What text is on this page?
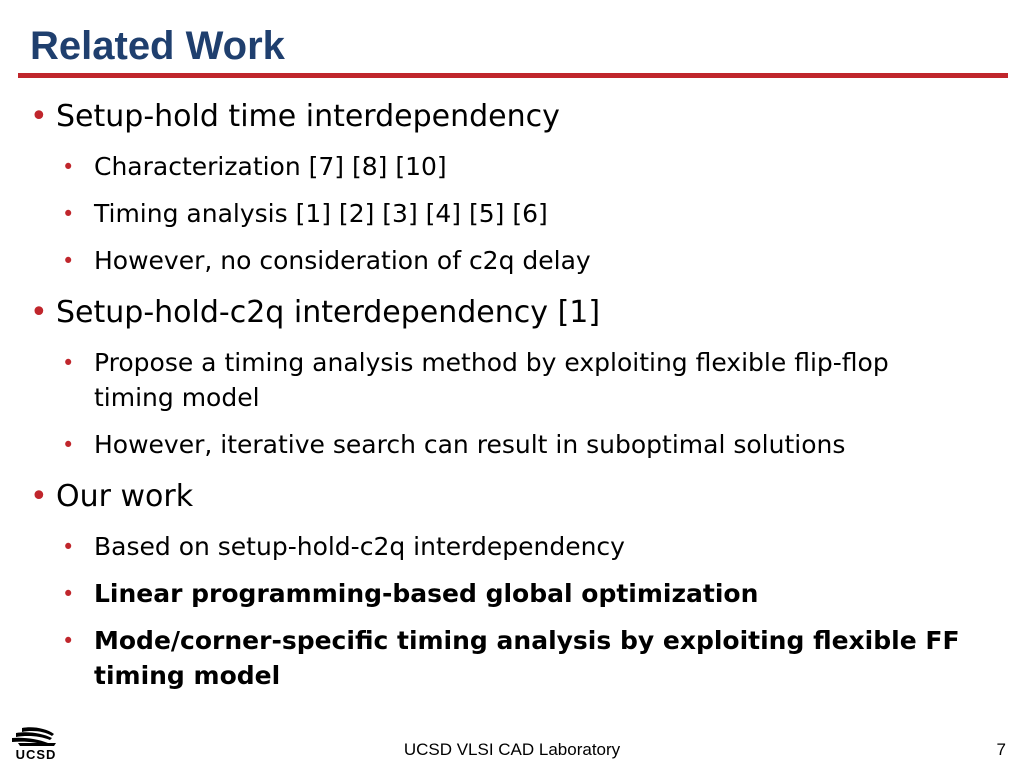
Related Work
• Setup-hold time interdependency
• Characterization [7] [8] [10]
• Timing analysis [1] [2] [3] [4] [5] [6]
• However, no consideration of c2q delay
• Setup-hold-c2q interdependency [1]
• Propose a timing analysis method by exploiting flexible flip-flop
timing model
• However, iterative search can result in suboptimal solutions
• Our work
• Based on setup-hold-c2q interdependency
• Linear programming-based global optimization
• Mode/corner-specific timing analysis by exploiting flexible FF
timing model
UCSD	UCSD VLSI CAD Laboratory	7
